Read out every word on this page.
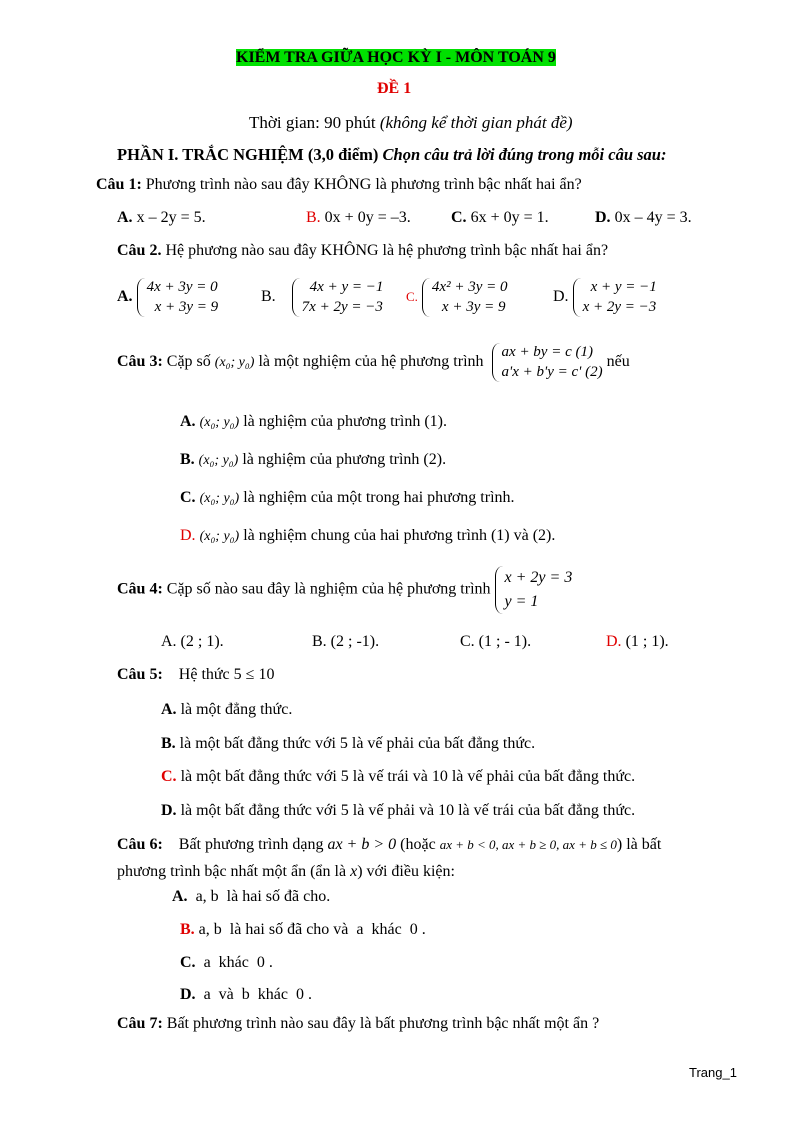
KIỂM TRA GIỮA HỌC KỲ I - MÔN TOÁN 9
ĐỀ 1
Thời gian: 90 phút (không kể thời gian phát đề)
PHẦN I. TRẮC NGHIỆM (3,0 điểm) Chọn câu trả lời đúng trong mỗi câu sau:
Câu 1: Phương trình nào sau đây KHÔNG là phương trình bậc nhất hai ẩn?
A. x – 2y = 5.	B. 0x + 0y = –3.	C. 6x + 0y = 1.	D. 0x – 4y = 3.
Câu 2. Hệ phương nào sau đây KHÔNG là hệ phương trình bậc nhất hai ẩn?
A.
4x + 3y = 0
x + 3y = 9
B.
4x + y = −1
7x + 2y = −3
C.
4x² + 3y = 0
x + 3y = 9
D.
x + y = −1
x + 2y = −3
Câu 3: Cặp số (x₀; y₀) là một nghiệm của hệ phương trình
ax + by = c (1)
a'x + b'y = c' (2)
nếu
A. (x₀; y₀) là nghiệm của phương trình (1).
B. (x₀; y₀) là nghiệm của phương trình (2).
C. (x₀; y₀) là nghiệm của một trong hai phương trình.
D. (x₀; y₀) là nghiệm chung của hai phương trình (1) và (2).
Câu 4: Cặp số nào sau đây là nghiệm của hệ phương trình
x + 2y = 3
y = 1
A. (2 ; 1).	B. (2 ; -1).	C. (1 ; - 1).	D. (1 ; 1).
Câu 5:    Hệ thức 5 ≤ 10
A. là một đẳng thức.
B. là một bất đẳng thức với 5 là vế phải của bất đẳng thức.
C. là một bất đẳng thức với 5 là vế trái và 10 là vế phải của bất đẳng thức.
D. là một bất đẳng thức với 5 là vế phải và 10 là vế trái của bất đẳng thức.
Câu 6:    Bất phương trình dạng ax + b > 0 (hoặc ax + b < 0, ax + b ≥ 0, ax + b ≤ 0) là bất
phương trình bậc nhất một ẩn (ẩn là x) với điều kiện:
A.  a, b  là hai số đã cho.
B. a, b  là hai số đã cho và  a  khác  0 .
C.  a  khác  0 .
D.  a  và  b  khác  0 .
Câu 7: Bất phương trình nào sau đây là bất phương trình bậc nhất một ẩn ?
Trang_1
